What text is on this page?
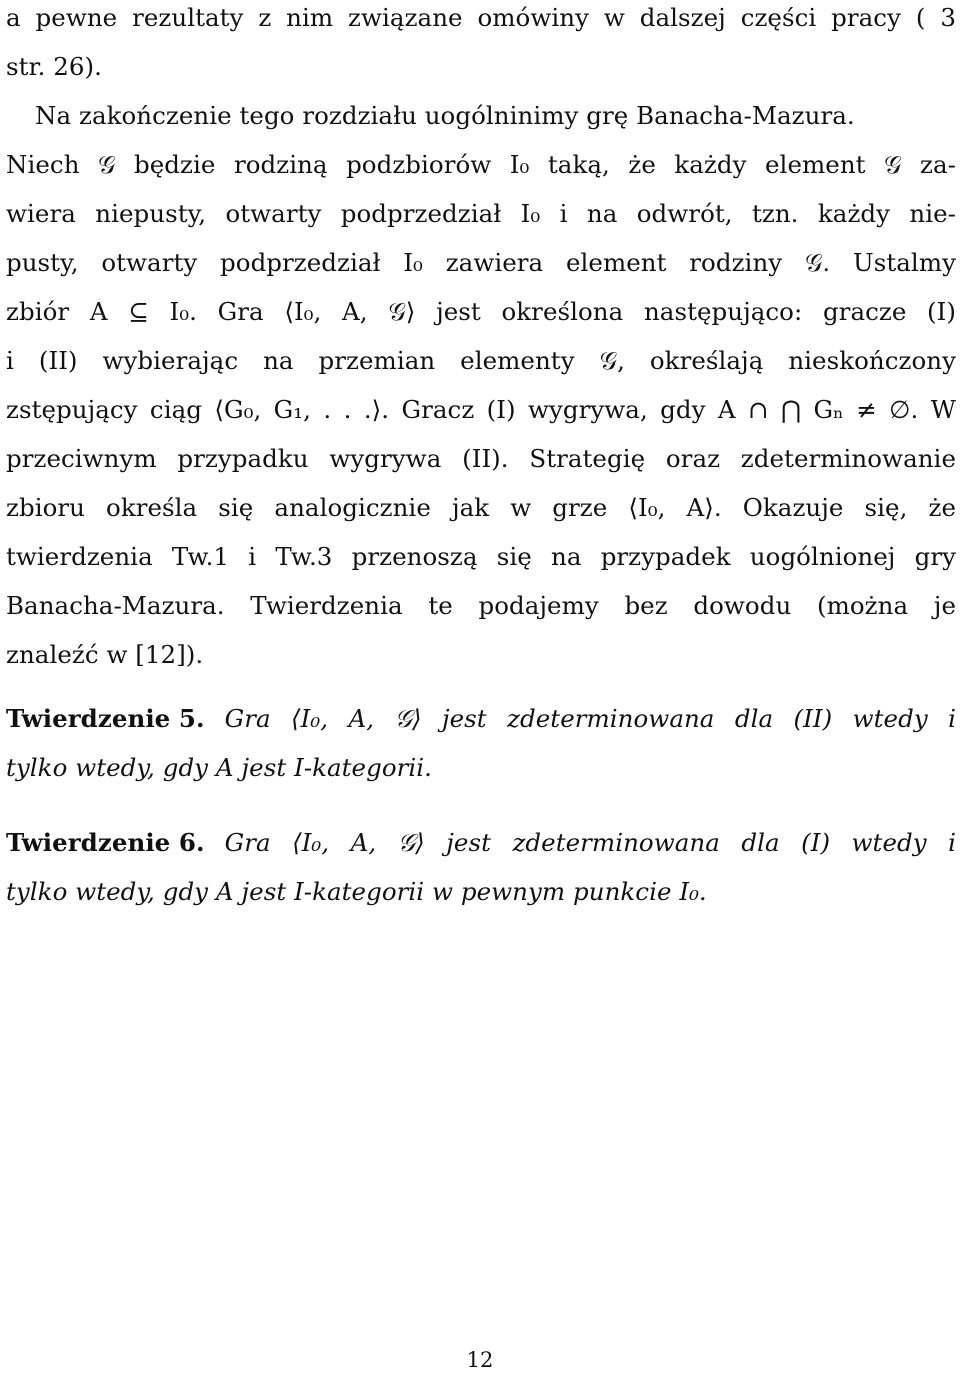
a pewne rezultaty z nim związane omówiny w dalszej części pracy ( 3
str. 26).
Na zakończenie tego rozdziału uogólninimy grę Banacha-Mazura.
Niech 𝒢 będzie rodziną podzbiorów I₀ taką, że każdy element 𝒢 za-
wiera niepusty, otwarty podprzedział I₀ i na odwrót, tzn. każdy nie-
pusty, otwarty podprzedział I₀ zawiera element rodziny 𝒢. Ustalmy
zbiór A ⊆ I₀. Gra ⟨I₀, A, 𝒢⟩ jest określona następująco: gracze (I)
i (II) wybierając na przemian elementy 𝒢, określają nieskończony
zstępujący ciąg ⟨G₀, G₁, . . .⟩. Gracz (I) wygrywa, gdy A ∩ ⋂ Gₙ ≠ ∅. W
przeciwnym przypadku wygrywa (II). Strategię oraz zdeterminowanie
zbioru określa się analogicznie jak w grze ⟨I₀, A⟩. Okazuje się, że
twierdzenia Tw.1 i Tw.3 przenoszą się na przypadek uogólnionej gry
Banacha-Mazura. Twierdzenia te podajemy bez dowodu (można je
znaleźć w [12]).
Twierdzenie 5. Gra ⟨I₀, A, 𝒢⟩ jest zdeterminowana dla (II) wtedy i
tylko wtedy, gdy A jest I-kategorii.
Twierdzenie 6. Gra ⟨I₀, A, 𝒢⟩ jest zdeterminowana dla (I) wtedy i
tylko wtedy, gdy A jest I-kategorii w pewnym punkcie I₀.
12
